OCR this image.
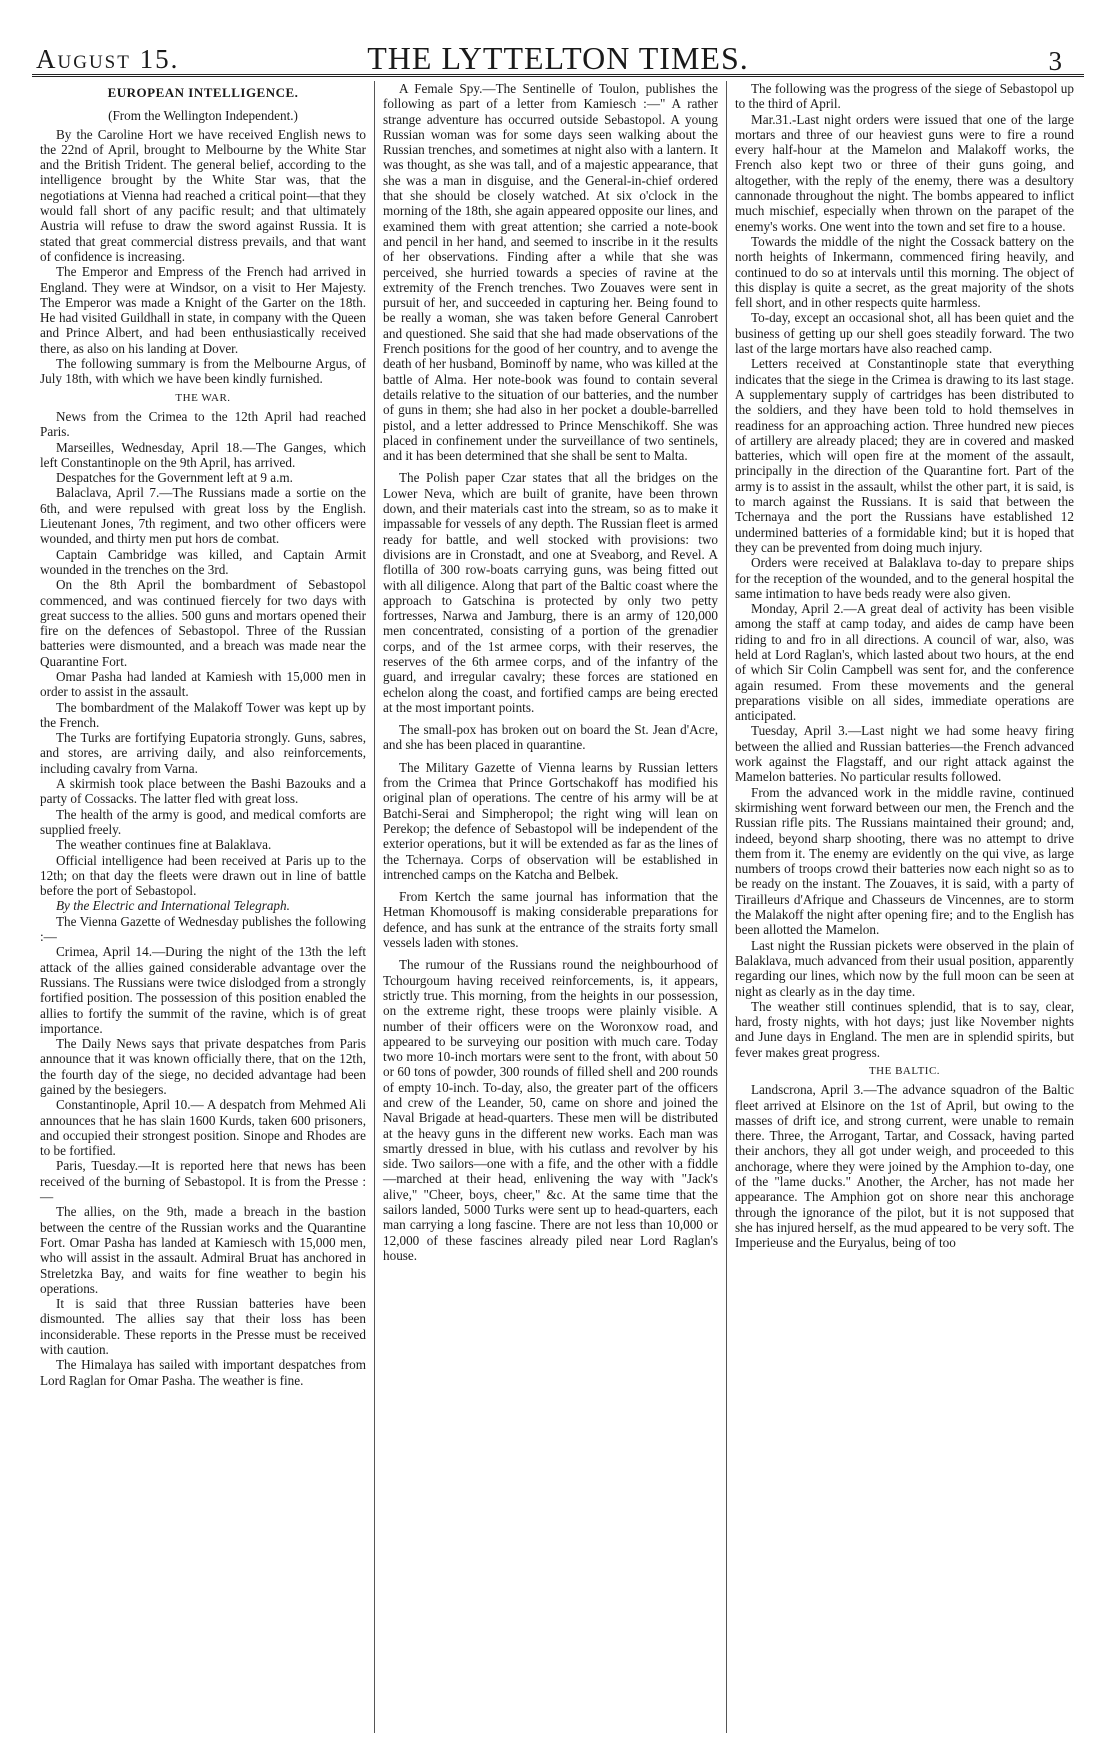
August 15.	THE LYTTELTON TIMES.	3
EUROPEAN INTELLIGENCE.

(From the Wellington Independent.)

By the Caroline Hort we have received English news to the 22nd of April, brought to Melbourne by the White Star and the British Trident. The general belief, according to the intelligence brought by the White Star was, that the negotiations at Vienna had reached a critical point—that they would fall short of any pacific result; and that ultimately Austria will refuse to draw the sword against Russia. It is stated that great commercial distress prevails, and that want of confidence is increasing.

The Emperor and Empress of the French had arrived in England. They were at Windsor, on a visit to Her Majesty. The Emperor was made a Knight of the Garter on the 18th. He had visited Guildhall in state, in company with the Queen and Prince Albert, and had been enthusiastically received there, as also on his landing at Dover.

The following summary is from the Melbourne Argus, of July 18th, with which we have been kindly furnished.

THE WAR.

News from the Crimea to the 12th April had reached Paris.

Marseilles, Wednesday, April 18.—The Ganges, which left Constantinople on the 9th April, has arrived.

Despatches for the Government left at 9 a.m.

Balaclava, April 7.—The Russians made a sortie on the 6th, and were repulsed with great loss by the English. Lieutenant Jones, 7th regiment, and two other officers were wounded, and thirty men put hors de combat.

Captain Cambridge was killed, and Captain Armit wounded in the trenches on the 3rd.

On the 8th April the bombardment of Sebastopol commenced, and was continued fiercely for two days with great success to the allies. 500 guns and mortars opened their fire on the defences of Sebastopol. Three of the Russian batteries were dismounted, and a breach was made near the Quarantine Fort.

Omar Pasha had landed at Kamiesh with 15,000 men in order to assist in the assault.

The bombardment of the Malakoff Tower was kept up by the French.

The Turks are fortifying Eupatoria strongly. Guns, sabres, and stores, are arriving daily, and also reinforcements, including cavalry from Varna.

A skirmish took place between the Bashi Bazouks and a party of Cossacks. The latter fled with great loss.

The health of the army is good, and medical comforts are supplied freely.

The weather continues fine at Balaklava.

Official intelligence had been received at Paris up to the 12th; on that day the fleets were drawn out in line of battle before the port of Sebastopol.

By the Electric and International Telegraph.

The Vienna Gazette of Wednesday publishes the following :—

Crimea, April 14.—During the night of the 13th the left attack of the allies gained considerable advantage over the Russians. The Russians were twice dislodged from a strongly fortified position. The possession of this position enabled the allies to fortify the summit of the ravine, which is of great importance.

The Daily News says that private despatches from Paris announce that it was known officially there, that on the 12th, the fourth day of the siege, no decided advantage had been gained by the besiegers.

Constantinople, April 10.— A despatch from Mehmed Ali announces that he has slain 1600 Kurds, taken 600 prisoners, and occupied their strongest position. Sinope and Rhodes are to be fortified.

Paris, Tuesday.—It is reported here that news has been received of the burning of Sebastopol. It is from the Presse :—

The allies, on the 9th, made a breach in the bastion between the centre of the Russian works and the Quarantine Fort. Omar Pasha has landed at Kamiesch with 15,000 men, who will assist in the assault. Admiral Bruat has anchored in Streletzka Bay, and waits for fine weather to begin his operations.

It is said that three Russian batteries have been dismounted. The allies say that their loss has been inconsiderable. These reports in the Presse must be received with caution.

The Himalaya has sailed with important despatches from Lord Raglan for Omar Pasha. The weather is fine.

A Female Spy.—The Sentinelle of Toulon, publishes the following as part of a letter from Kamiesch :—" A rather strange adventure has occurred outside Sebastopol. A young Russian woman was for some days seen walking about the Russian trenches, and sometimes at night also with a lantern. It was thought, as she was tall, and of a majestic appearance, that she was a man in disguise, and the General-in-chief ordered that she should be closely watched. At six o'clock in the morning of the 18th, she again appeared opposite our lines, and examined them with great attention; she carried a note-book and pencil in her hand, and seemed to inscribe in it the results of her observations. Finding after a while that she was perceived, she hurried towards a species of ravine at the extremity of the French trenches. Two Zouaves were sent in pursuit of her, and succeeded in capturing her. Being found to be really a woman, she was taken before General Canrobert and questioned. She said that she had made observations of the French positions for the good of her country, and to avenge the death of her husband, Bominoff by name, who was killed at the battle of Alma. Her note-book was found to contain several details relative to the situation of our batteries, and the number of guns in them; she had also in her pocket a double-barrelled pistol, and a letter addressed to Prince Menschikoff. She was placed in confinement under the surveillance of two sentinels, and it has been determined that she shall be sent to Malta.

The Polish paper Czar states that all the bridges on the Lower Neva, which are built of granite, have been thrown down, and their materials cast into the stream, so as to make it impassable for vessels of any depth. The Russian fleet is armed ready for battle, and well stocked with provisions: two divisions are in Cronstadt, and one at Sveaborg, and Revel. A flotilla of 300 row-boats carrying guns, was being fitted out with all diligence. Along that part of the Baltic coast where the approach to Gatschina is protected by only two petty fortresses, Narwa and Jamburg, there is an army of 120,000 men concentrated, consisting of a portion of the grenadier corps, and of the 1st armee corps, with their reserves, the reserves of the 6th armee corps, and of the infantry of the guard, and irregular cavalry; these forces are stationed en echelon along the coast, and fortified camps are being erected at the most important points.

The small-pox has broken out on board the St. Jean d'Acre, and she has been placed in quarantine.

The Military Gazette of Vienna learns by Russian letters from the Crimea that Prince Gortschakoff has modified his original plan of operations. The centre of his army will be at Batchi-Serai and Simpheropol; the right wing will lean on Perekop; the defence of Sebastopol will be independent of the exterior operations, but it will be extended as far as the lines of the Tchernaya. Corps of observation will be established in intrenched camps on the Katcha and Belbek.

From Kertch the same journal has information that the Hetman Khomousoff is making considerable preparations for defence, and has sunk at the entrance of the straits forty small vessels laden with stones.

The rumour of the Russians round the neighbourhood of Tchourgoum having received reinforcements, is, it appears, strictly true. This morning, from the heights in our possession, on the extreme right, these troops were plainly visible. A number of their officers were on the Woronxow road, and appeared to be surveying our position with much care. Today two more 10-inch mortars were sent to the front, with about 50 or 60 tons of powder, 300 rounds of filled shell and 200 rounds of empty 10-inch. To-day, also, the greater part of the officers and crew of the Leander, 50, came on shore and joined the Naval Brigade at head-quarters. These men will be distributed at the heavy guns in the different new works. Each man was smartly dressed in blue, with his cutlass and revolver by his side. Two sailors—one with a fife, and the other with a fiddle—marched at their head, enlivening the way with "Jack's alive," "Cheer, boys, cheer," &c. At the same time that the sailors landed, 5000 Turks were sent up to head-quarters, each man carrying a long fascine. There are not less than 10,000 or 12,000 of these fascines already piled near Lord Raglan's house.

The following was the progress of the siege of Sebastopol up to the third of April.

Mar.31.-Last night orders were issued that one of the large mortars and three of our heaviest guns were to fire a round every half-hour at the Mamelon and Malakoff works, the French also kept two or three of their guns going, and altogether, with the reply of the enemy, there was a desultory cannonade throughout the night. The bombs appeared to inflict much mischief, especially when thrown on the parapet of the enemy's works. One went into the town and set fire to a house.

Towards the middle of the night the Cossack battery on the north heights of Inkermann, commenced firing heavily, and continued to do so at intervals until this morning. The object of this display is quite a secret, as the great majority of the shots fell short, and in other respects quite harmless.

To-day, except an occasional shot, all has been quiet and the business of getting up our shell goes steadily forward. The two last of the large mortars have also reached camp.

Letters received at Constantinople state that everything indicates that the siege in the Crimea is drawing to its last stage. A supplementary supply of cartridges has been distributed to the soldiers, and they have been told to hold themselves in readiness for an approaching action. Three hundred new pieces of artillery are already placed; they are in covered and masked batteries, which will open fire at the moment of the assault, principally in the direction of the Quarantine fort. Part of the army is to assist in the assault, whilst the other part, it is said, is to march against the Russians. It is said that between the Tchernaya and the port the Russians have established 12 undermined batteries of a formidable kind; but it is hoped that they can be prevented from doing much injury.

Orders were received at Balaklava to-day to prepare ships for the reception of the wounded, and to the general hospital the same intimation to have beds ready were also given.

Monday, April 2.—A great deal of activity has been visible among the staff at camp today, and aides de camp have been riding to and fro in all directions. A council of war, also, was held at Lord Raglan's, which lasted about two hours, at the end of which Sir Colin Campbell was sent for, and the conference again resumed. From these movements and the general preparations visible on all sides, immediate operations are anticipated.

Tuesday, April 3.—Last night we had some heavy firing between the allied and Russian batteries—the French advanced work against the Flagstaff, and our right attack against the Mamelon batteries. No particular results followed.

From the advanced work in the middle ravine, continued skirmishing went forward between our men, the French and the Russian rifle pits. The Russians maintained their ground; and, indeed, beyond sharp shooting, there was no attempt to drive them from it. The enemy are evidently on the qui vive, as large numbers of troops crowd their batteries now each night so as to be ready on the instant. The Zouaves, it is said, with a party of Tirailleurs d'Afrique and Chasseurs de Vincennes, are to storm the Malakoff the night after opening fire; and to the English has been allotted the Mamelon.

Last night the Russian pickets were observed in the plain of Balaklava, much advanced from their usual position, apparently regarding our lines, which now by the full moon can be seen at night as clearly as in the day time.

The weather still continues splendid, that is to say, clear, hard, frosty nights, with hot days; just like November nights and June days in England. The men are in splendid spirits, but fever makes great progress.

THE BALTIC.

Landscrona, April 3.—The advance squadron of the Baltic fleet arrived at Elsinore on the 1st of April, but owing to the masses of drift ice, and strong current, were unable to remain there. Three, the Arrogant, Tartar, and Cossack, having parted their anchors, they all got under weigh, and proceeded to this anchorage, where they were joined by the Amphion to-day, one of the "lame ducks." Another, the Archer, has not made her appearance. The Amphion got on shore near this anchorage through the ignorance of the pilot, but it is not supposed that she has injured herself, as the mud appeared to be very soft. The Imperieuse and the Euryalus, being of too
